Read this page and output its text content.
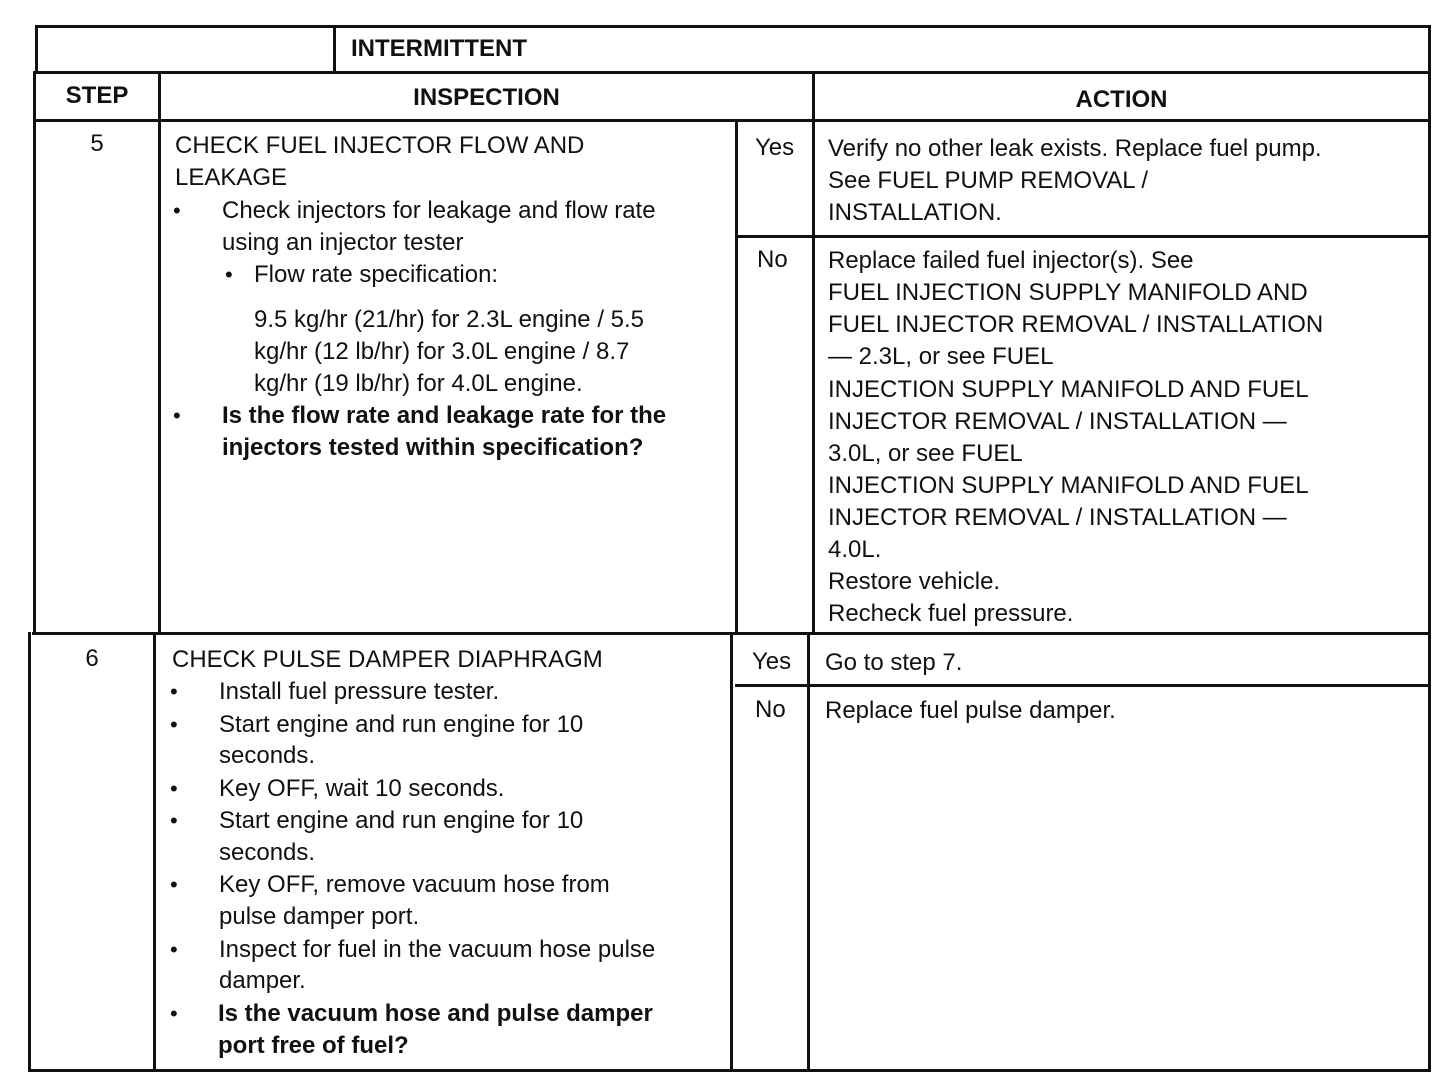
INTERMITTENT
STEP	INSPECTION	ACTION
5	CHECK FUEL INJECTOR FLOW AND
LEAKAGE
• Check injectors for leakage and flow rate
using an injector tester
• Flow rate specification:
9.5 kg/hr (21/hr) for 2.3L engine / 5.5
kg/hr (12 lb/hr) for 3.0L engine / 8.7
kg/hr (19 lb/hr) for 4.0L engine.
• Is the flow rate and leakage rate for the
injectors tested within specification?
Yes Verify no other leak exists. Replace fuel pump.
See FUEL PUMP REMOVAL /
INSTALLATION.
No Replace failed fuel injector(s). See
FUEL INJECTION SUPPLY MANIFOLD AND
FUEL INJECTOR REMOVAL / INSTALLATION
— 2.3L, or see FUEL
INJECTION SUPPLY MANIFOLD AND FUEL
INJECTOR REMOVAL / INSTALLATION —
3.0L, or see FUEL
INJECTION SUPPLY MANIFOLD AND FUEL
INJECTOR REMOVAL / INSTALLATION —
4.0L.
Restore vehicle.
Recheck fuel pressure.
6	CHECK PULSE DAMPER DIAPHRAGM
• Install fuel pressure tester.
• Start engine and run engine for 10
seconds.
• Key OFF, wait 10 seconds.
• Start engine and run engine for 10
seconds.
• Key OFF, remove vacuum hose from
pulse damper port.
• Inspect for fuel in the vacuum hose pulse
damper.
• Is the vacuum hose and pulse damper
port free of fuel?
Yes Go to step 7.
No Replace fuel pulse damper.
